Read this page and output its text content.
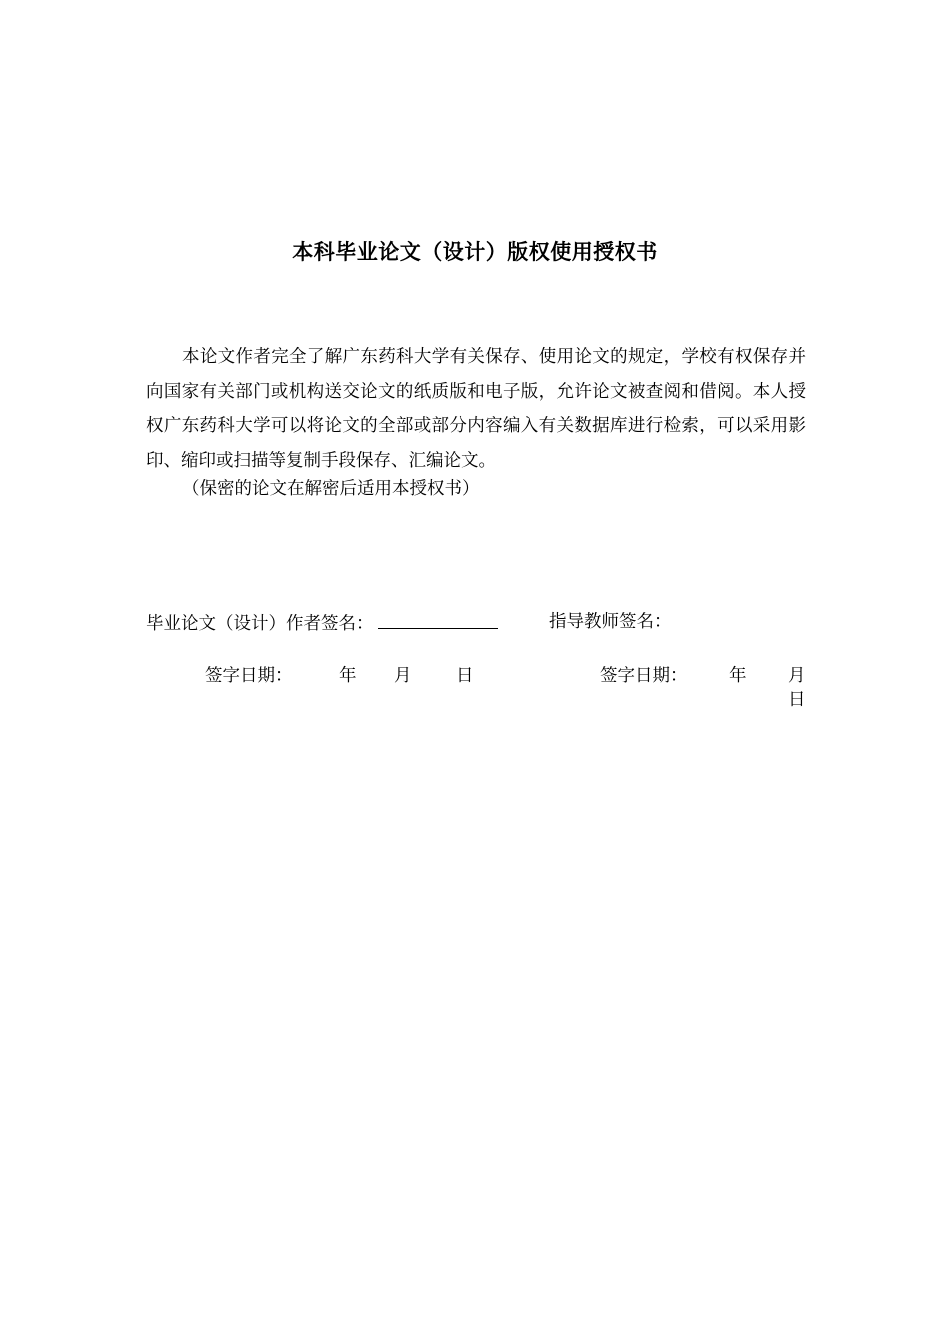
本科毕业论文（设计）版权使用授权书

本论文作者完全了解广东药科大学有关保存、使用论文的规定，学校有权保存并向国家有关部门或机构送交论文的纸质版和电子版，允许论文被查阅和借阅。本人授权广东药科大学可以将论文的全部或部分内容编入有关数据库进行检索，可以采用影印、缩印或扫描等复制手段保存、汇编论文。

（保密的论文在解密后适用本授权书）

毕业论文（设计）作者签名：	指导教师签名：
签字日期：	年 月	日	签字日期： 年 月
日
